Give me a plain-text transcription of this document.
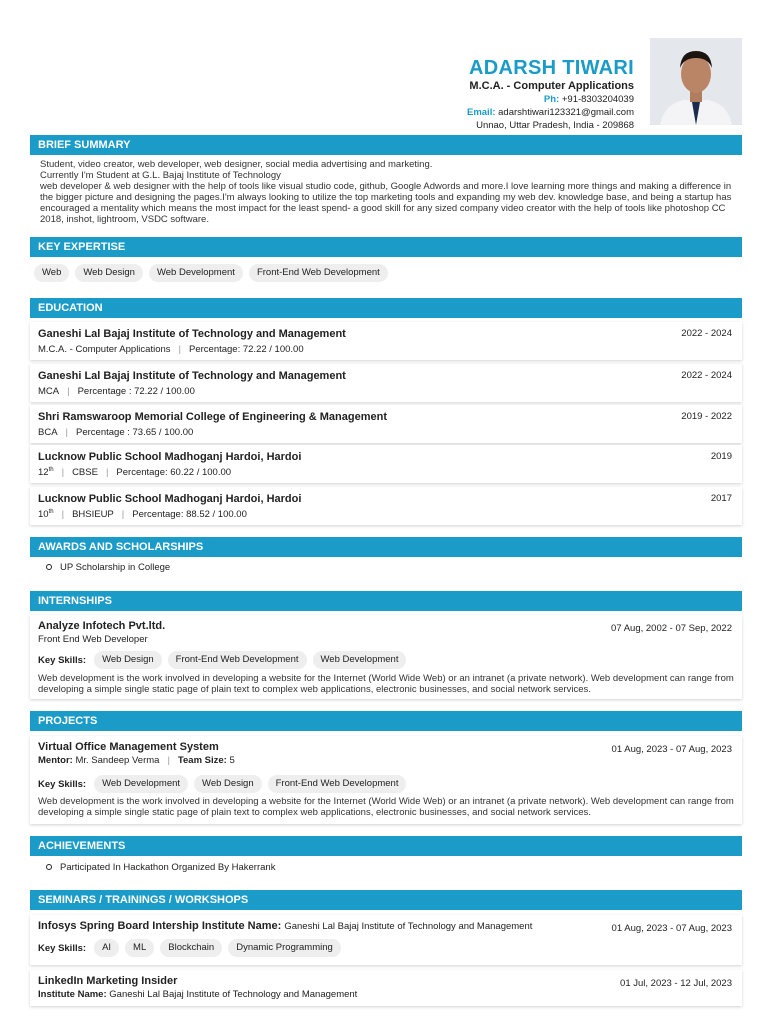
ADARSH TIWARI
M.C.A. - Computer Applications
Ph: +91-8303204039
Email: adarshtiwari123321@gmail.com
Unnao, Uttar Pradesh, India - 209868
BRIEF SUMMARY
Student, video creator, web developer, web designer, social media advertising and marketing.
Currently I'm Student at G.L. Bajaj Institute of Technology
web developer & web designer with the help of tools like visual studio code, github, Google Adwords and more.I love learning more things and making a difference in the bigger picture and designing the pages.I'm always looking to utilize the top marketing tools and expanding my web dev. knowledge base, and being a startup has encouraged a mentality which means the most impact for the least spend- a good skill for any sized company video creator with the help of tools like photoshop CC 2018, inshot, lightroom, VSDC software.
KEY EXPERTISE
Web	Web Design	Web Development	Front-End Web Development
EDUCATION
Ganeshi Lal Bajaj Institute of Technology and Management	2022 - 2024
M.C.A. - Computer Applications | Percentage: 72.22 / 100.00
Ganeshi Lal Bajaj Institute of Technology and Management	2022 - 2024
MCA | Percentage : 72.22 / 100.00
Shri Ramswaroop Memorial College of Engineering & Management	2019 - 2022
BCA | Percentage : 73.65 / 100.00
Lucknow Public School Madhoganj Hardoi, Hardoi	2019
12th | CBSE | Percentage: 60.22 / 100.00
Lucknow Public School Madhoganj Hardoi, Hardoi	2017
10th | BHSIEUP | Percentage: 88.52 / 100.00
AWARDS AND SCHOLARSHIPS
UP Scholarship in College
INTERNSHIPS
Analyze Infotech Pvt.ltd.	07 Aug, 2002 - 07 Sep, 2022
Front End Web Developer
Key Skills:	Web Design	Front-End Web Development	Web Development
Web development is the work involved in developing a website for the Internet (World Wide Web) or an intranet (a private network). Web development can range from developing a simple single static page of plain text to complex web applications, electronic businesses, and social network services.
PROJECTS
Virtual Office Management System	01 Aug, 2023 - 07 Aug, 2023
Mentor: Mr. Sandeep Verma | Team Size: 5
Key Skills:	Web Development	Web Design	Front-End Web Development
Web development is the work involved in developing a website for the Internet (World Wide Web) or an intranet (a private network). Web development can range from developing a simple single static page of plain text to complex web applications, electronic businesses, and social network services.
ACHIEVEMENTS
Participated In Hackathon Organized By Hakerrank
SEMINARS / TRAININGS / WORKSHOPS
Infosys Spring Board Intership Institute Name: Ganeshi Lal Bajaj Institute of Technology and Management	01 Aug, 2023 - 07 Aug, 2023
Key Skills:	AI	ML	Blockchain	Dynamic Programming
LinkedIn Marketing Insider	01 Jul, 2023 - 12 Jul, 2023
Institute Name: Ganeshi Lal Bajaj Institute of Technology and Management
